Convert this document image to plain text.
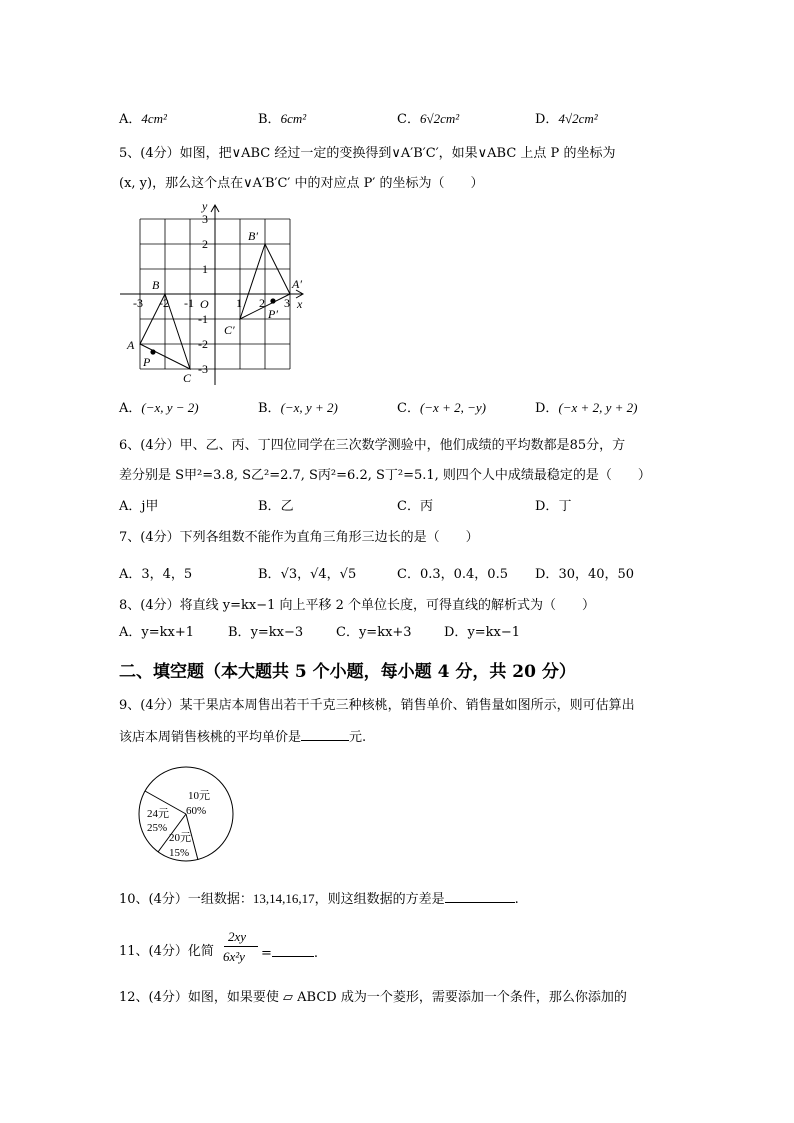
A．4cm²	B．6cm²	C．6√2cm²	D．4√2cm²
5、(4分）如图，把∨ABC 经过一定的变换得到∨A′B′C′，如果∨ABC 上点 P 的坐标为
(x, y)，那么这个点在∨A′B′C′ 中的对应点 P′ 的坐标为（　　）
-3 -2 -1 O 1 2 3 x
3
2
1
-1
-2
-3
y
A
B
C
P
A′
B′
C′
P′
A．(−x, y − 2)	B．(−x, y + 2)	C．(−x + 2, −y)	D．(−x + 2, y + 2)
6、(4分）甲、乙、丙、丁四位同学在三次数学测验中，他们成绩的平均数都是85分，方
差分别是 S甲²=3.8, S乙²=2.7, S丙²=6.2, S丁²=5.1, 则四个人中成绩最稳定的是（　　）
A．j甲	B．乙	C．丙	D．丁
7、(4分）下列各组数不能作为直角三角形三边长的是（　　）
A．3，4，5	B．√3，√4，√5	C．0.3，0.4，0.5 D．30，40，50
8、(4分）将直线 y=kx−1 向上平移 2 个单位长度，可得直线的解析式为（　　）
A．y=kx+1	B．y=kx−3	C．y=kx+3 D．y=kx−1
二、填空题（本大题共 5 个小题，每小题 4 分，共 20 分）
9、(4分）某干果店本周售出若干千克三种核桃，销售单价、销售量如图所示，则可估算出
该店本周销售核桃的平均单价是	元.
10元
60%
24元
25%
20元
15%
10、(4分）一组数据：13,14,16,17，则这组数据的方差是	.
11、(4分）化简
2xy
6x²y =	.
12、(4分）如图，如果要使 ▱ ABCD 成为一个菱形，需要添加一个条件，那么你添加的
